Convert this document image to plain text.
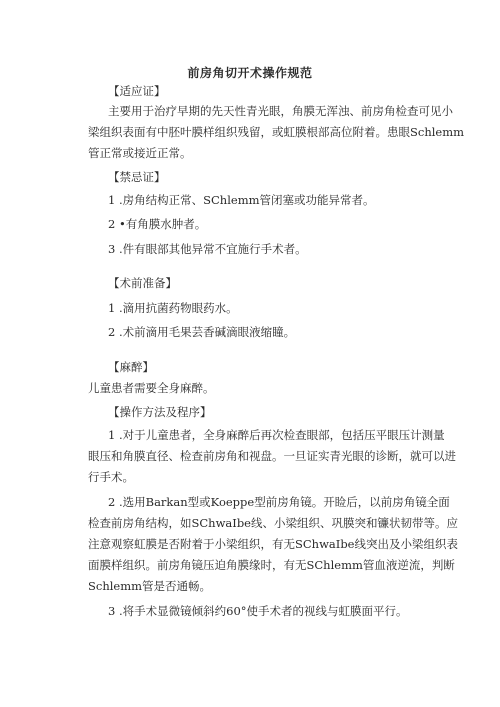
前房角切开术操作规范
【适应证】
主要用于治疗早期的先天性青光眼，角膜无浑浊、前房角检查可见小
梁组织表面有中胚叶膜样组织残留，或虹膜根部高位附着。患眼Schlemm
管正常或接近正常。
【禁忌证】
1 .房角结构正常、SChlemm管闭塞或功能异常者。
2 •有角膜水肿者。
3 .件有眼部其他异常不宜施行手术者。
【术前准备】
1 .滴用抗菌药物眼药水。
2 .术前滴用毛果芸香碱滴眼液缩瞳。
【麻醉】
儿童患者需要全身麻醉。
【操作方法及程序】
1 .对于儿童患者，全身麻醉后再次检查眼部，包括压平眼压计测量
眼压和角膜直径、检查前房角和视盘。一旦证实青光眼的诊断，就可以进
行手术。
2 .选用Barkan型或Koeppe型前房角镜。开睑后，以前房角镜全面
检查前房角结构，如SChwaIbe线、小梁组织、巩膜突和镰状韧带等。应
注意观察虹膜是否附着于小梁组织，有无SChwaIbe线突出及小梁组织表
面膜样组织。前房角镜压迫角膜缘时，有无SChlemm管血液逆流，判断
Schlemm管是否通畅。
3 .将手术显微镜倾斜约60°使手术者的视线与虹膜面平行。
